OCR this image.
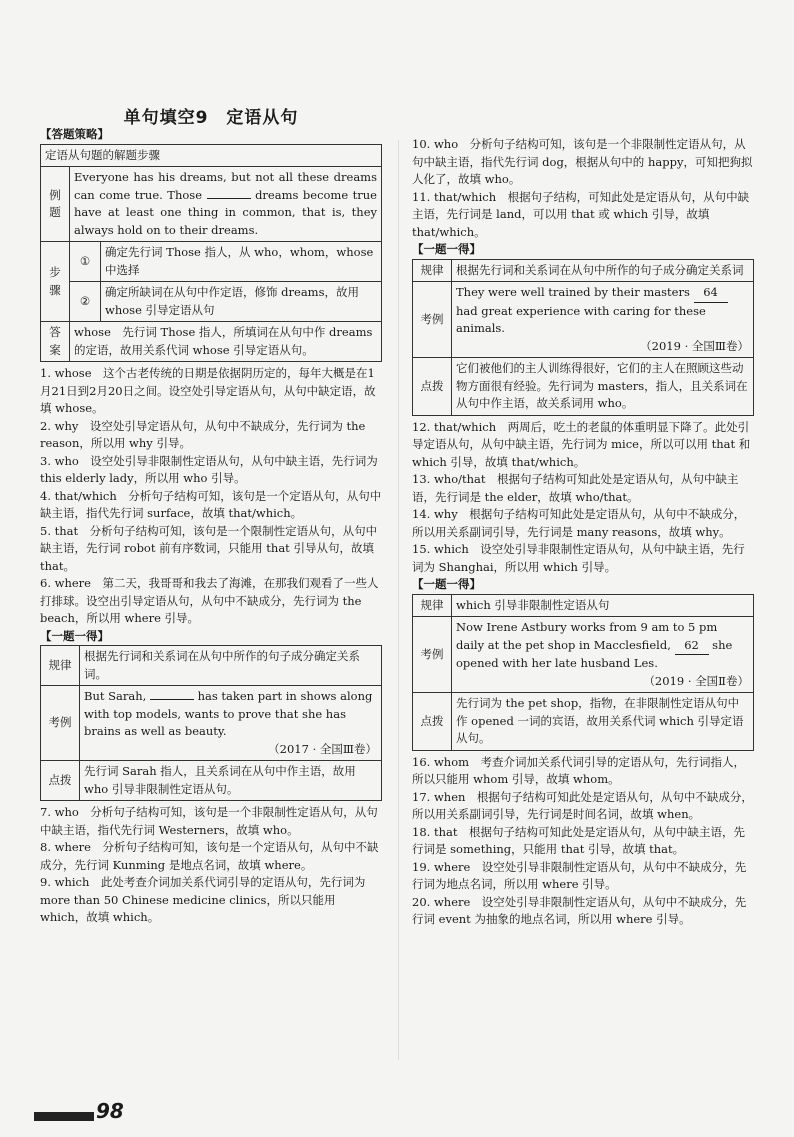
单句填空9　定语从句
【答题策略】
定语从句题的解题步骤		
例题	Everyone has his dreams, but not all these dreams can come true. Those dreams become true have at least one thing in common, that is, they always hold on to their dreams.	
步骤	①	确定先行词 Those 指人，从 who，whom，whose 中选择
	②	确定所缺词在从句中作定语，修饰 dreams，故用 whose 引导定语从句
答案	whose　先行词 Those 指人，所填词在从句中作 dreams 的定语，故用关系代词 whose 引导定语从句。	

1. whose　这个古老传统的日期是依据阴历定的，每年大概是在1月21日到2月20日之间。设空处引导定语从句，从句中缺定语，故填 whose。

2. why　设空处引导定语从句，从句中不缺成分，先行词为 the reason，所以用 why 引导。

3. who　设空处引导非限制性定语从句，从句中缺主语，先行词为 this elderly lady，所以用 who 引导。

4. that/which　分析句子结构可知，该句是一个定语从句，从句中缺主语，指代先行词 surface，故填 that/which。

5. that　分析句子结构可知，该句是一个限制性定语从句，从句中缺主语，先行词 robot 前有序数词，只能用 that 引导从句，故填 that。

6. where　第二天，我哥哥和我去了海滩，在那我们观看了一些人打排球。设空出引导定语从句，从句中不缺成分，先行词为 the beach，所以用 where 引导。

【一题一得】
规律	根据先行词和关系词在从句中所作的句子成分确定关系词。
考例	But Sarah, has taken part in shows along with top models, wants to prove that she has brains as well as beauty.
（2017 · 全国Ⅲ卷）

点拨	先行词 Sarah 指人，且关系词在从句中作主语，故用 who 引导非限制性定语从句。

7. who　分析句子结构可知，该句是一个非限制性定语从句，从句中缺主语，指代先行词 Westerners，故填 who。

8. where　分析句子结构可知，该句是一个定语从句，从句中不缺成分，先行词 Kunming 是地点名词，故填 where。

9. which　此处考查介词加关系代词引导的定语从句，先行词为 more than 50 Chinese medicine clinics，所以只能用 which，故填 which。

10. who　分析句子结构可知，该句是一个非限制性定语从句，从句中缺主语，指代先行词 dog，根据从句中的 happy，可知把狗拟人化了，故填 who。

11. that/which　根据句子结构，可知此处是定语从句，从句中缺主语，先行词是 land，可以用 that 或 which 引导，故填 that/which。

【一题一得】
规律	根据先行词和关系词在从句中所作的句子成分确定关系词
考例	They were well trained by their masters 64 had great experience with caring for these animals.
（2019 · 全国Ⅲ卷）

点拨	它们被他们的主人训练得很好，它们的主人在照顾这些动物方面很有经验。先行词为 masters，指人，且关系词在从句中作主语，故关系词用 who。

12. that/which　两周后，吃土的老鼠的体重明显下降了。此处引导定语从句，从句中缺主语，先行词为 mice，所以可以用 that 和 which 引导，故填 that/which。

13. who/that　根据句子结构可知此处是定语从句，从句中缺主语，先行词是 the elder，故填 who/that。

14. why　根据句子结构可知此处是定语从句，从句中不缺成分，所以用关系副词引导，先行词是 many reasons，故填 why。

15. which　设空处引导非限制性定语从句，从句中缺主语，先行词为 Shanghai，所以用 which 引导。

【一题一得】
规律	which 引导非限制性定语从句
考例	Now Irene Astbury works from 9 am to 5 pm daily at the pet shop in Macclesfield, 62 she opened with her late husband Les.
（2019 · 全国Ⅱ卷）

点拨	先行词为 the pet shop，指物，在非限制性定语从句中作 opened 一词的宾语，故用关系代词 which 引导定语从句。

16. whom　考查介词加关系代词引导的定语从句，先行词指人，所以只能用 whom 引导，故填 whom。

17. when　根据句子结构可知此处是定语从句，从句中不缺成分，所以用关系副词引导，先行词是时间名词，故填 when。

18. that　根据句子结构可知此处是定语从句，从句中缺主语，先行词是 something，只能用 that 引导，故填 that。

19. where　设空处引导非限制性定语从句，从句中不缺成分，先行词为地点名词，所以用 where 引导。

20. where　设空处引导非限制性定语从句，从句中不缺成分，先行词 event 为抽象的地点名词，所以用 where 引导。

98
